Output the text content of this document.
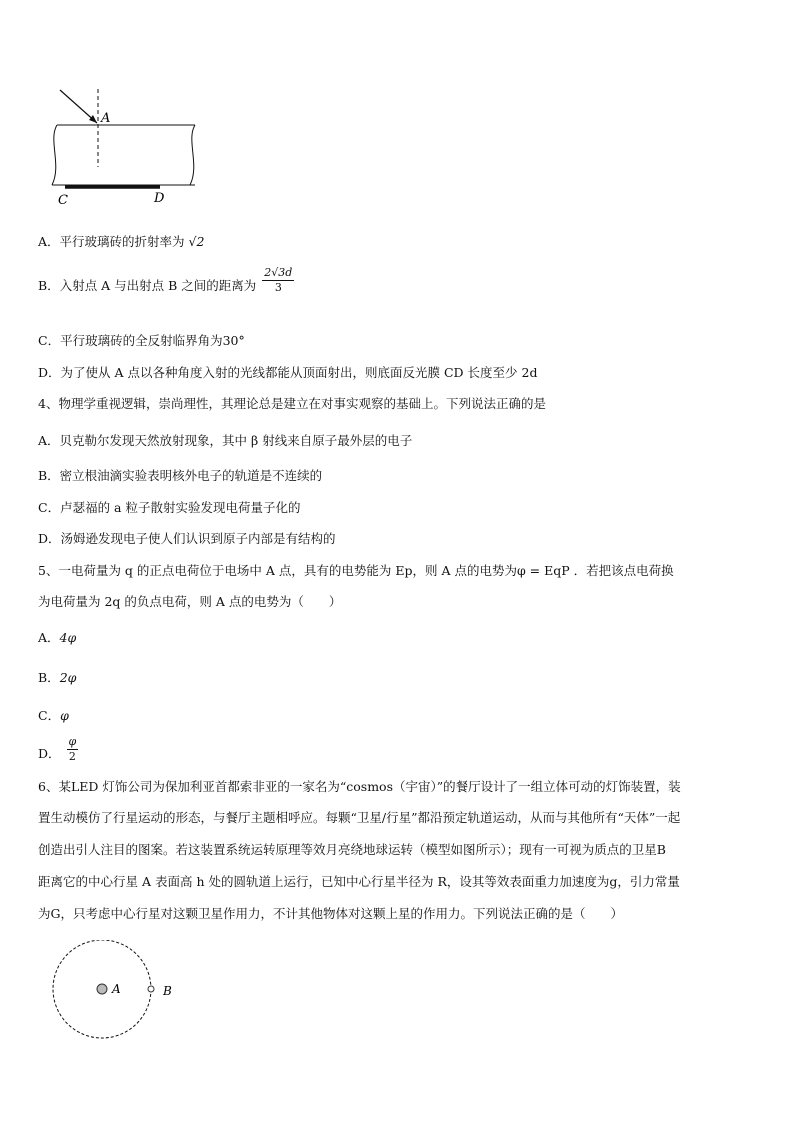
A
C	D
A．平行玻璃砖的折射率为 √2
B．入射点 A 与出射点 B 之间的距离为 $\frac{2√3d}{3}$
C．平行玻璃砖的全反射临界角为30°
D．为了使从 A 点以各种角度入射的光线都能从顶面射出，则底面反光膜 CD 长度至少 2d
4、物理学重视逻辑，崇尚理性，其理论总是建立在对事实观察的基础上。下列说法正确的是
A．贝克勒尔发现天然放射现象，其中 β 射线来自原子最外层的电子
B．密立根油滴实验表明核外电子的轨道是不连续的
C．卢瑟福的 a 粒子散射实验发现电荷量子化的
D．汤姆逊发现电子使人们认识到原子内部是有结构的
5、一电荷量为 q 的正点电荷位于电场中 A 点，具有的电势能为 Ep，则 A 点的电势为φ = EqP ．若把该点电荷换
为电荷量为 2q 的负点电荷，则 A 点的电势为（　　）
A．4φ
B．2φ
C．φ
D． $\frac{\varphi}{2}$
6、某LED 灯饰公司为保加利亚首都索非亚的一家名为“cosmos（宇宙）”的餐厅设计了一组立体可动的灯饰装置，装
置生动模仿了行星运动的形态，与餐厅主题相呼应。每颗“卫星/行星”都沿预定轨道运动，从而与其他所有“天体”一起
创造出引人注目的图案。若这装置系统运转原理等效月亮绕地球运转（模型如图所示）；现有一可视为质点的卫星B
距离它的中心行星 A 表面高 h 处的圆轨道上运行，已知中心行星半径为 R，设其等效表面重力加速度为g，引力常量
为G，只考虑中心行星对这颗卫星作用力，不计其他物体对这颗上星的作用力。下列说法正确的是（　　）
A	B
